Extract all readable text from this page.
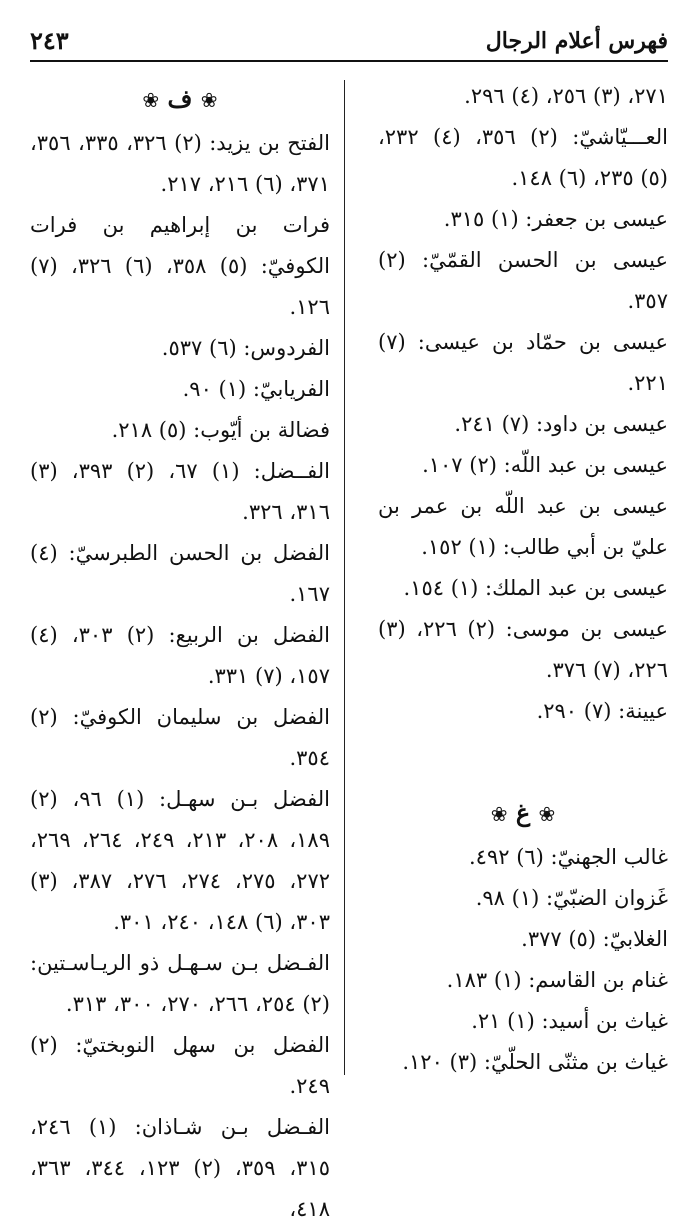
فهرس أعلام الرجال
٢٤٣

٢٧١، (٣) ٢٥٦، (٤) ٢٩٦.

العـــيّاشيّ: (٢) ٣٥٦، (٤) ٢٣٢، (٥) ٢٣٥، (٦) ١٤٨.

عيسى بن جعفر: (١) ٣١٥.

عيسى بن الحسن القمّيّ: (٢) ٣٥٧.

عيسى بن حمّاد بن عيسى: (٧) ٢٢١.

عيسى بن داود: (٧) ٢٤١.

عيسى بن عبد اللّه: (٢) ١٠٧.

عيسى بن عبد اللّه بن عمر بن عليّ بن أبي طالب: (١) ١٥٢.

عيسى بن عبد الملك: (١) ١٥٤.

عيسى بن موسى: (٢) ٢٢٦، (٣) ٢٢٦، (٧) ٣٧٦.

عيينة: (٧) ٢٩٠.

❀ غ ❀

غالب الجهنيّ: (٦) ٤٩٢.

غَزوان الضبّيّ: (١) ٩٨.

الغلابيّ: (٥) ٣٧٧.

غنام بن القاسم: (١) ١٨٣.

غياث بن أسيد: (١) ٢١.

غياث بن مثنّى الحلّيّ: (٣) ١٢٠.

❀ ف ❀

الفتح بن يزيد: (٢) ٣٢٦، ٣٣٥، ٣٥٦، ٣٧١، (٦) ٢١٦، ٢١٧.

فرات بن إبراهيم بن فرات الكوفيّ: (٥) ٣٥٨، (٦) ٣٢٦، (٧) ١٢٦.

الفردوس: (٦) ٥٣٧.

الفريابيّ: (١) ٩٠.

فضالة بن أيّوب: (٥) ٢١٨.

الفــضل: (١) ٦٧، (٢) ٣٩٣، (٣) ٣١٦، ٣٢٦.

الفضل بن الحسن الطبرسيّ: (٤) ١٦٧.

الفضل بن الربيع: (٢) ٣٠٣، (٤) ١٥٧، (٧) ٣٣١.

الفضل بن سليمان الكوفيّ: (٢) ٣٥٤.

الفضل بـن سهـل: (١) ٩٦، (٢) ١٨٩، ٢٠٨، ٢١٣، ٢٤٩، ٢٦٤، ٢٦٩، ٢٧٢، ٢٧٥، ٢٧٤، ٢٧٦، ٣٨٧، (٣) ٣٠٣، (٦) ١٤٨، ٢٤٠، ٣٠١.

الفـضل بـن سـهـل ذو الريـاسـتين: (٢) ٢٥٤، ٢٦٦، ٢٧٠، ٣٠٠، ٣١٣.

الفضل بن سهل النوبختيّ: (٢) ٢٤٩.

الفـضل بـن شـاذان: (١) ٢٤٦، ٣١٥، ٣٥٩، (٢) ١٢٣، ٣٤٤، ٣٦٣، ٤١٨،
